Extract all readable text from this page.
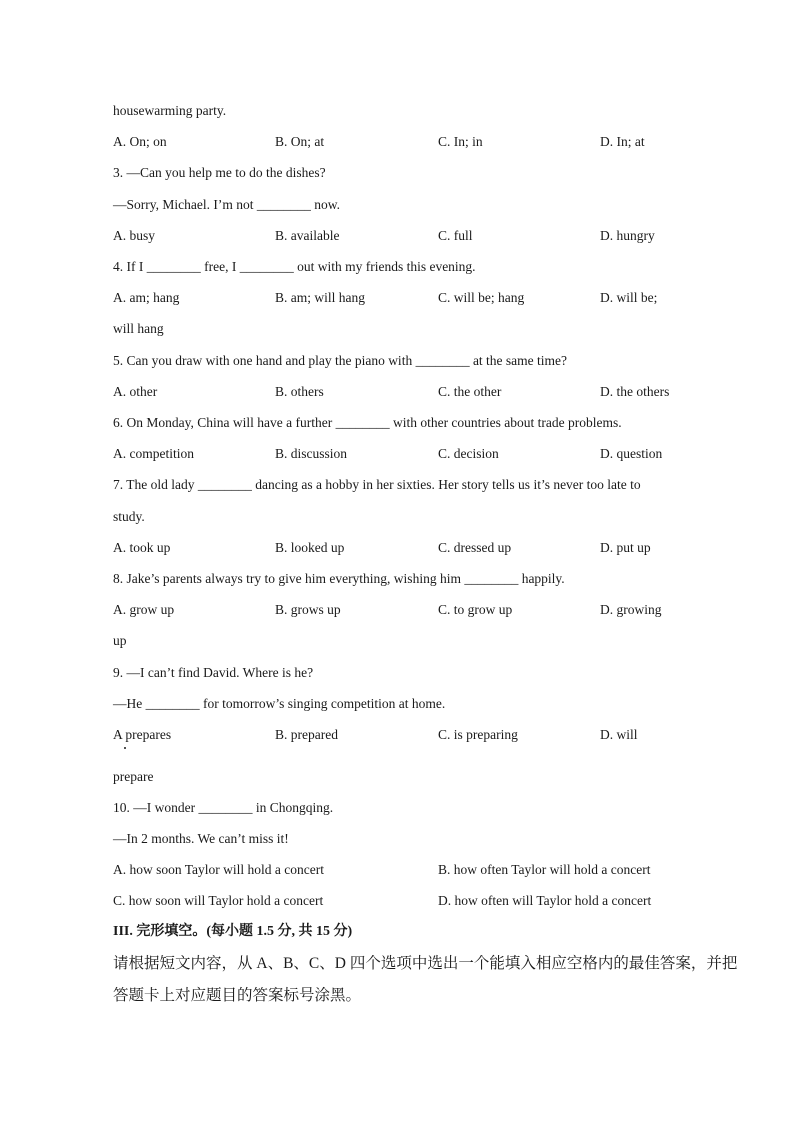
housewarming party.
A. On; on	B. On; at	C. In; in	D. In; at
3. —Can you help me to do the dishes?
—Sorry, Michael. I’m not ________ now.
A. busy	B. available	C. full	D. hungry
4. If I ________ free, I ________ out with my friends this evening.
A. am; hang	B. am; will hang	C. will be; hang	D. will be;
will hang
5. Can you draw with one hand and play the piano with ________ at the same time?
A. other	B. others	C. the other	D. the others
6. On Monday, China will have a further ________ with other countries about trade problems.
A. competition	B. discussion	C. decision	D. question
7. The old lady ________ dancing as a hobby in her sixties. Her story tells us it’s never too late to
study.
A. took up	B. looked up	C. dressed up	D. put up
8. Jake’s parents always try to give him everything, wishing him ________ happily.
A. grow up	B. grows up	C. to grow up	D. growing
up
9. —I can’t find David. Where is he?
—He ________ for tomorrow’s singing competition at home.
A prepares	B. prepared	C. is preparing	D. will
prepare
10. —I wonder ________ in Chongqing.
—In 2 months. We can’t miss it!
A. how soon Taylor will hold a concert	B. how often Taylor will hold a concert
C. how soon will Taylor hold a concert	D. how often will Taylor hold a concert
III. 完形填空。(每小题 1.5 分, 共 15 分)
请根据短文内容，从 A、B、C、D 四个选项中选出一个能填入相应空格内的最佳答案，并把
答题卡上对应题目的答案标号涂黑。
